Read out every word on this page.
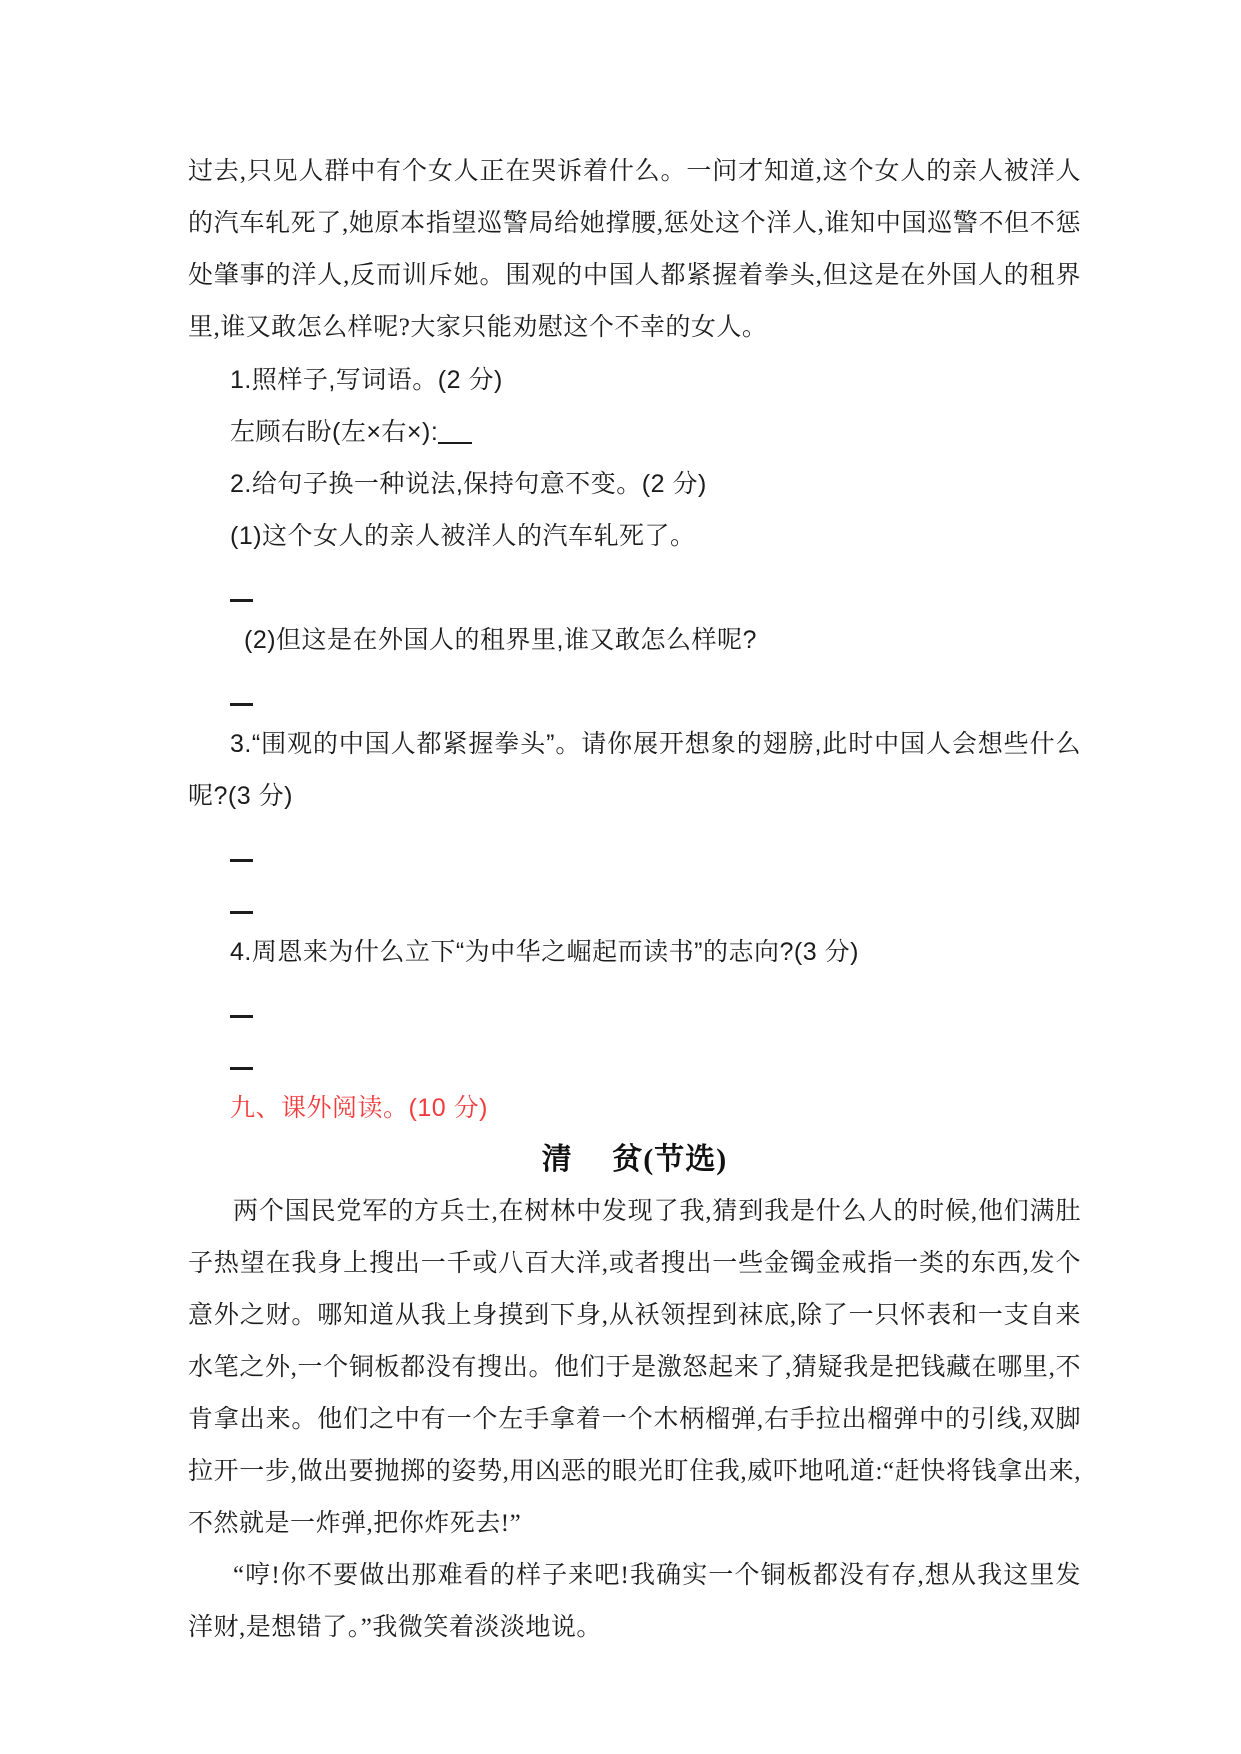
过去,只见人群中有个女人正在哭诉着什么。一问才知道,这个女人的亲人被洋人的汽车轧死了,她原本指望巡警局给她撑腰,惩处这个洋人,谁知中国巡警不但不惩处肇事的洋人,反而训斥她。围观的中国人都紧握着拳头,但这是在外国人的租界里,谁又敢怎么样呢?大家只能劝慰这个不幸的女人。

1.照样子,写词语。(2 分)

左顾右盼(左×右×):

2.给句子换一种说法,保持句意不变。(2 分)

(1)这个女人的亲人被洋人的汽车轧死了。

(2)但这是在外国人的租界里,谁又敢怎么样呢?

3.“围观的中国人都紧握拳头”。请你展开想象的翅膀,此时中国人会想些什么呢?(3 分)

4.周恩来为什么立下“为中华之崛起而读书”的志向?(3 分)

九、课外阅读。(10 分)

清　 贫(节选)

两个国民党军的方兵士,在树林中发现了我,猜到我是什么人的时候,他们满肚子热望在我身上搜出一千或八百大洋,或者搜出一些金镯金戒指一类的东西,发个意外之财。哪知道从我上身摸到下身,从袄领捏到袜底,除了一只怀表和一支自来水笔之外,一个铜板都没有搜出。他们于是激怒起来了,猜疑我是把钱藏在哪里,不肯拿出来。他们之中有一个左手拿着一个木柄榴弹,右手拉出榴弹中的引线,双脚拉开一步,做出要抛掷的姿势,用凶恶的眼光盯住我,威吓地吼道:“赶快将钱拿出来,不然就是一炸弹,把你炸死去!”

“哼!你不要做出那难看的样子来吧!我确实一个铜板都没有存,想从我这里发洋财,是想错了。”我微笑着淡淡地说。
